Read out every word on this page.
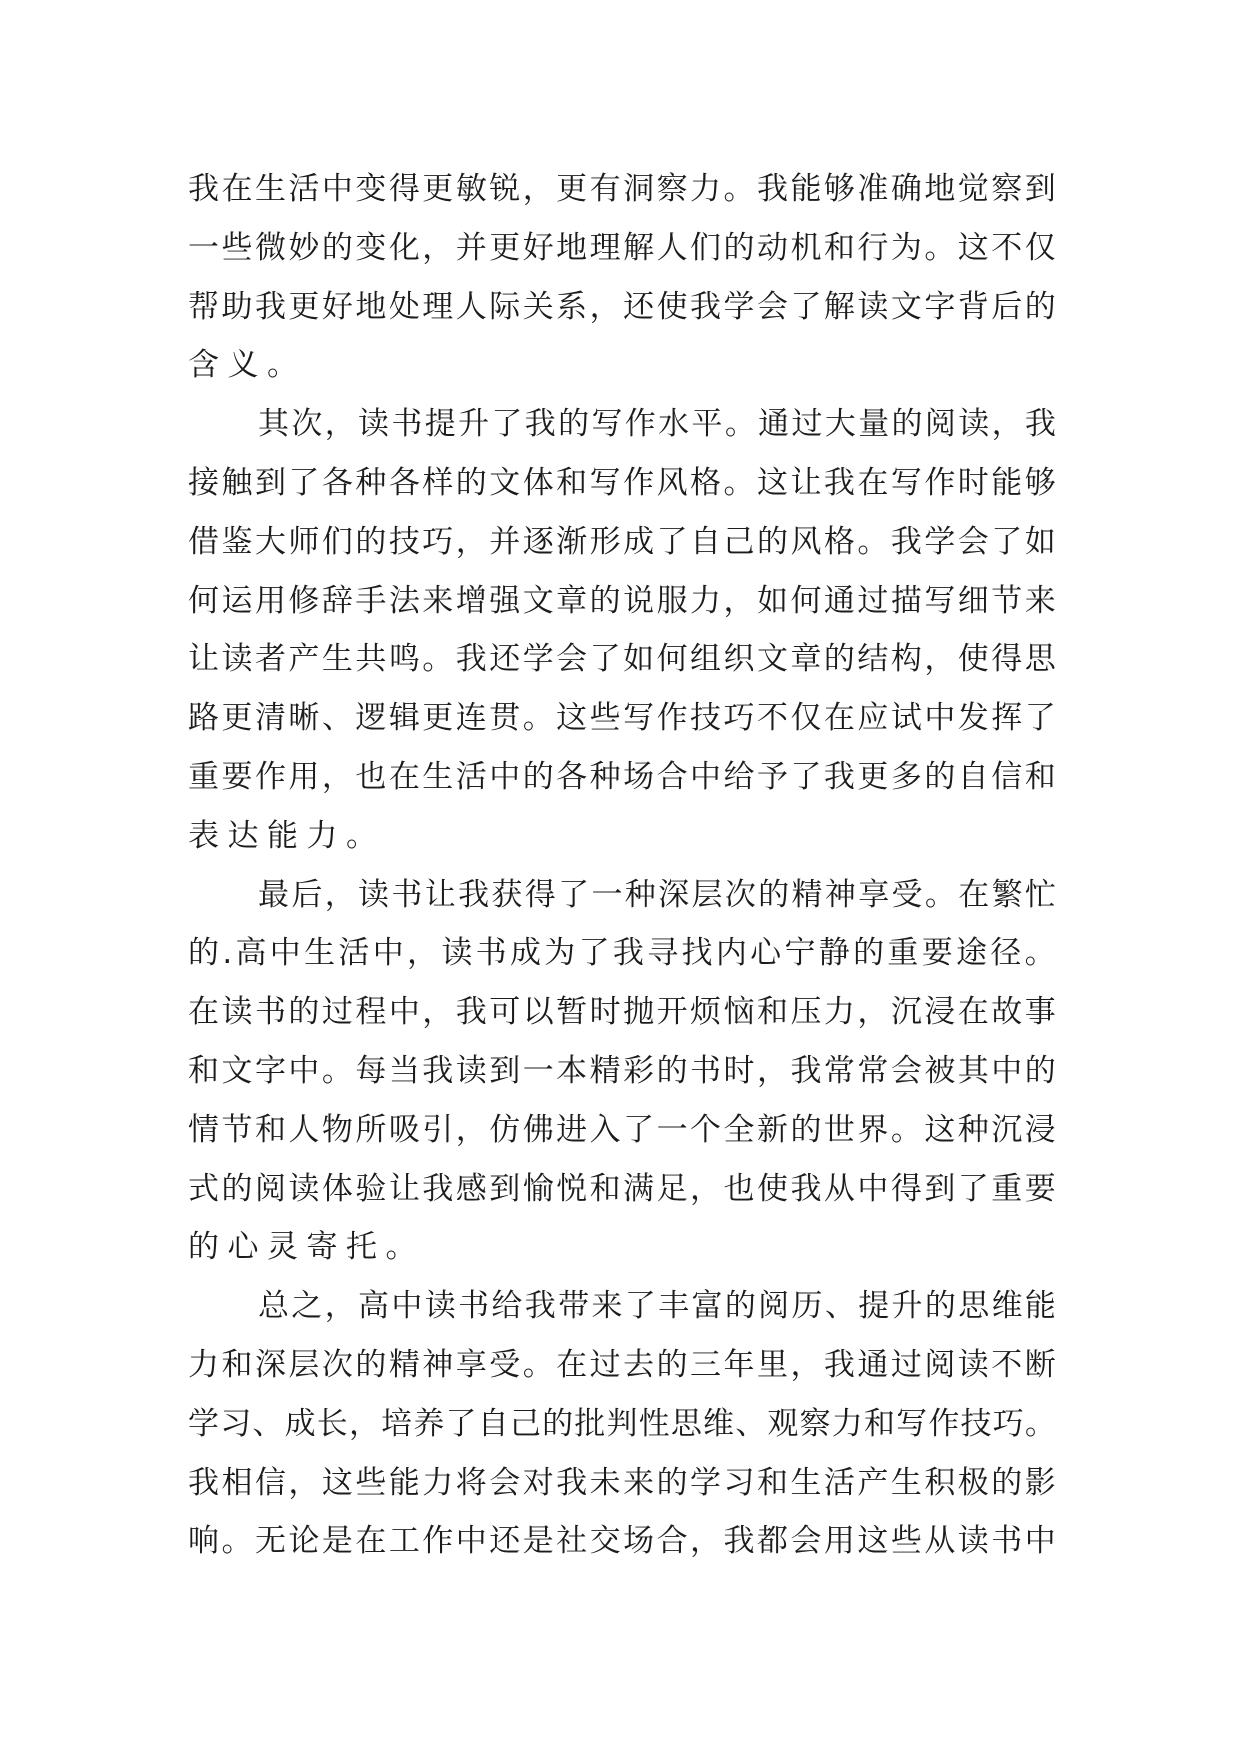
我 在 生 活 中 变 得 更 敏 锐 ， 更 有 洞 察 力 。 我 能 够 准 确 地 觉 察 到
一 些 微 妙 的 变 化 ， 并 更 好 地 理 解 人 们 的 动 机 和 行 为 。 这 不 仅
帮 助 我 更 好 地 处 理 人 际 关 系 ， 还 使 我 学 会 了 解 读 文 字 背 后 的
含义。
其 次 ， 读 书 提 升 了 我 的 写 作 水 平 。 通 过 大 量 的 阅 读 ， 我
接 触 到 了 各 种 各 样 的 文 体 和 写 作 风 格 。 这 让 我 在 写 作 时 能 够
借 鉴 大 师 们 的 技 巧 ， 并 逐 渐 形 成 了 自 己 的 风 格 。 我 学 会 了 如
何 运 用 修 辞 手 法 来 增 强 文 章 的 说 服 力 ， 如 何 通 过 描 写 细 节 来
让 读 者 产 生 共 鸣 。 我 还 学 会 了 如 何 组 织 文 章 的 结 构 ， 使 得 思
路 更 清 晰 、 逻 辑 更 连 贯 。 这 些 写 作 技 巧 不 仅 在 应 试 中 发 挥 了
重 要 作 用 ， 也 在 生 活 中 的 各 种 场 合 中 给 予 了 我 更 多 的 自 信 和
表达能力。
最 后 ， 读 书 让 我 获 得 了 一 种 深 层 次 的 精 神 享 受 。 在 繁 忙
的 . 高 中 生 活 中 ， 读 书 成 为 了 我 寻 找 内 心 宁 静 的 重 要 途 径 。
在 读 书 的 过 程 中 ， 我 可 以 暂 时 抛 开 烦 恼 和 压 力 ， 沉 浸 在 故 事
和 文 字 中 。 每 当 我 读 到 一 本 精 彩 的 书 时 ， 我 常 常 会 被 其 中 的
情 节 和 人 物 所 吸 引 ， 仿 佛 进 入 了 一 个 全 新 的 世 界 。 这 种 沉 浸
式 的 阅 读 体 验 让 我 感 到 愉 悦 和 满 足 ， 也 使 我 从 中 得 到 了 重 要
的心灵寄托。
总 之 ， 高 中 读 书 给 我 带 来 了 丰 富 的 阅 历 、 提 升 的 思 维 能
力 和 深 层 次 的 精 神 享 受 。 在 过 去 的 三 年 里 ， 我 通 过 阅 读 不 断
学 习 、 成 长 ， 培 养 了 自 己 的 批 判 性 思 维 、 观 察 力 和 写 作 技 巧 。
我 相 信 ， 这 些 能 力 将 会 对 我 未 来 的 学 习 和 生 活 产 生 积 极 的 影
响 。 无 论 是 在 工 作 中 还 是 社 交 场 合 ， 我 都 会 用 这 些 从 读 书 中
